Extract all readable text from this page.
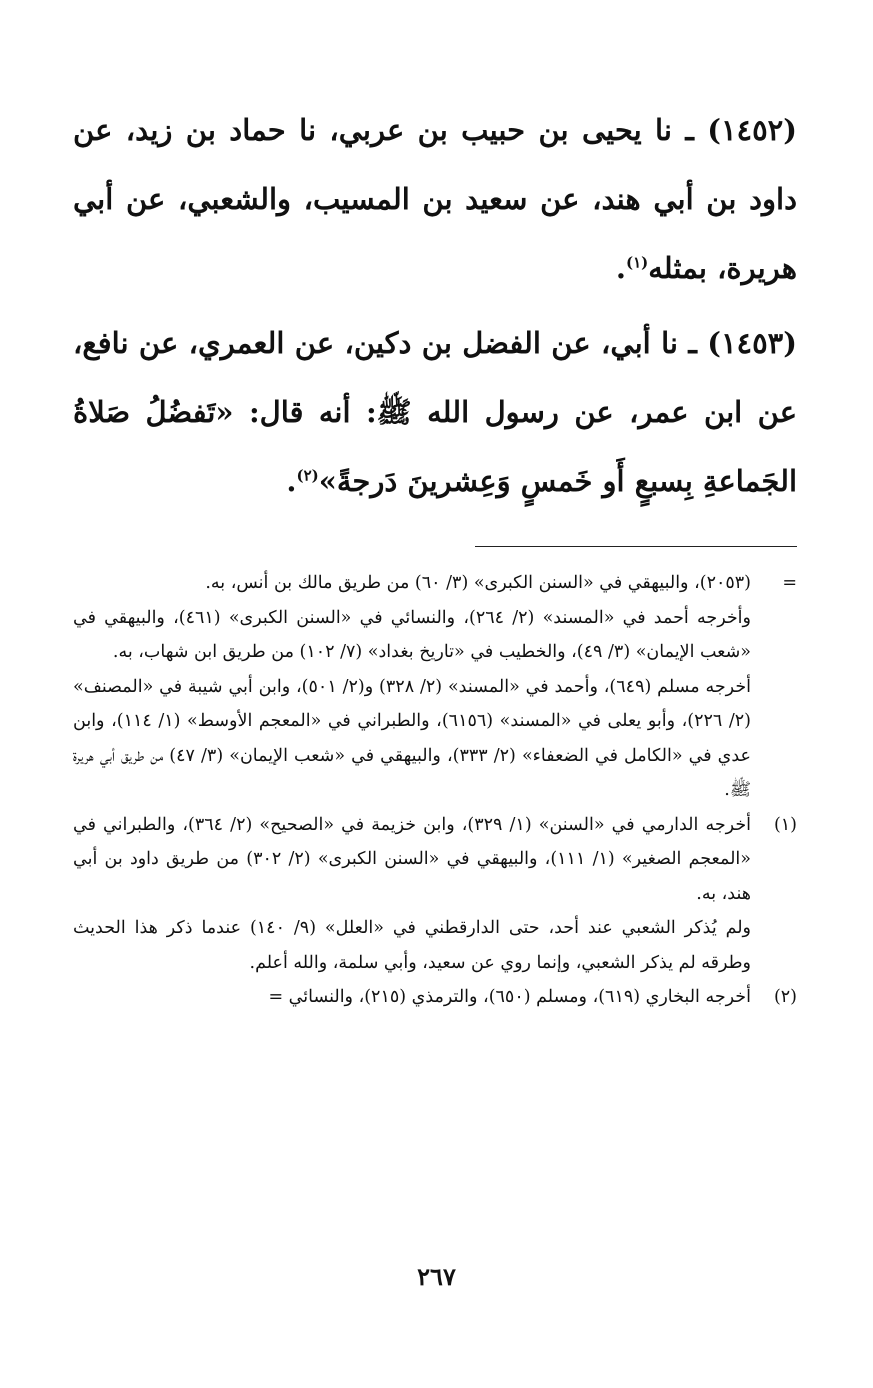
(١٤٥٢) ـ نا يحيى بن حبيب بن عربي، نا حماد بن زيد، عن داود بن أبي هند، عن سعيد بن المسيب، والشعبي، عن أبي هريرة، بمثله$^{(١)}$.

(١٤٥٣) ـ نا أبي، عن الفضل بن دكين، عن العمري، عن نافع، عن ابن عمر، عن رسول الله ﷺ: أنه قال: «تَفضُلُ صَلاةُ الجَماعةِ بِسبعٍ أَو خَمسٍ وَعِشرينَ دَرجةً»$^{(٢)}$.

=
(٢٠٥٣)، والبيهقي في «السنن الكبرى» (٣/ ٦٠) من طريق مالك بن أنس، به.

وأخرجه أحمد في «المسند» (٢/ ٢٦٤)، والنسائي في «السنن الكبرى» (٤٦١)، والبيهقي في «شعب الإيمان» (٣/ ٤٩)، والخطيب في «تاريخ بغداد» (٧/ ١٠٢) من طريق ابن شهاب، به.

أخرجه مسلم (٦٤٩)، وأحمد في «المسند» (٢/ ٣٢٨) و(٢/ ٥٠١)، وابن أبي شيبة في «المصنف» (٢/ ٢٢٦)، وأبو يعلى في «المسند» (٦١٥٦)، والطبراني في «المعجم الأوسط» (١/ ١١٤)، وابن عدي في «الكامل في الضعفاء» (٢/ ٣٣٣)، والبيهقي في «شعب الإيمان» (٣/ ٤٧) من طريق أبي هريرة ﷺ.

(١)
أخرجه الدارمي في «السنن» (١/ ٣٢٩)، وابن خزيمة في «الصحيح» (٢/ ٣٦٤)، والطبراني في «المعجم الصغير» (١/ ١١١)، والبيهقي في «السنن الكبرى» (٢/ ٣٠٢) من طريق داود بن أبي هند، به.

ولم يُذكر الشعبي عند أحد، حتى الدارقطني في «العلل» (٩/ ١٤٠) عندما ذكر هذا الحديث وطرقه لم يذكر الشعبي، وإنما روي عن سعيد، وأبي سلمة، والله أعلم.

(٢)
أخرجه البخاري (٦١٩)، ومسلم (٦٥٠)، والترمذي (٢١٥)، والنسائي =

٢٦٧
